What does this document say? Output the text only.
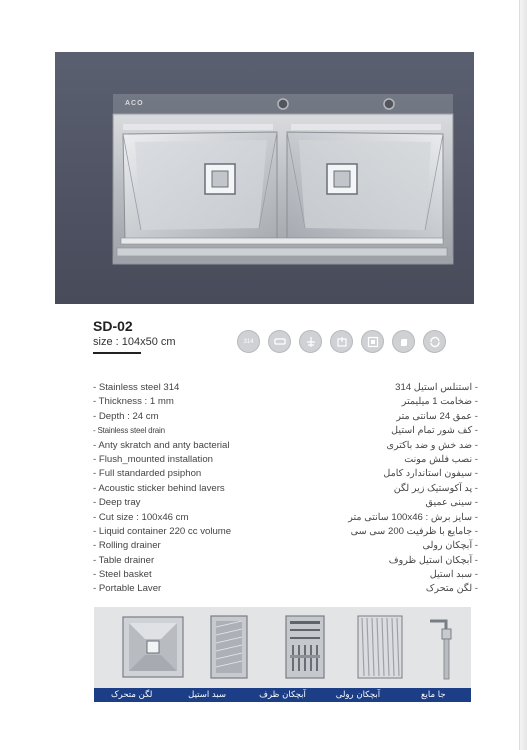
ACO
SD-02
size : 104x50 cm	314
- Stainless steel 314	- استنلس استیل 314
- Thickness : 1 mm	- ضخامت 1 میلیمتر
- Depth : 24 cm	- عمق 24 سانتی متر
- Stainless steel drain	- کف شور تمام استیل
- Anty skratch and anty bacterial	- ضد خش و ضد باکتری
- Flush_mounted installation	- نصب فلش مونت
- Full standarded psiphon	- سیفون استاندارد کامل
- Acoustic sticker behind lavers	- پد آکوستیک زیر لگن
- Deep tray	- سینی عمیق
- Cut size : 100x46 cm	- سایز برش : 100x46 سانتی متر
- Liquid container 220 cc volume	- جامایع با ظرفیت 200 سی سی
- Rolling drainer	- آبچکان رولی
- Table drainer	- آبچکان استیل ظروف
- Steel basket	- سبد استیل
- Portable Laver	- لگن متحرک
لگن متحرک	سبد استیل	آبچکان ظرف	آبچکان رولی	جا مایع
